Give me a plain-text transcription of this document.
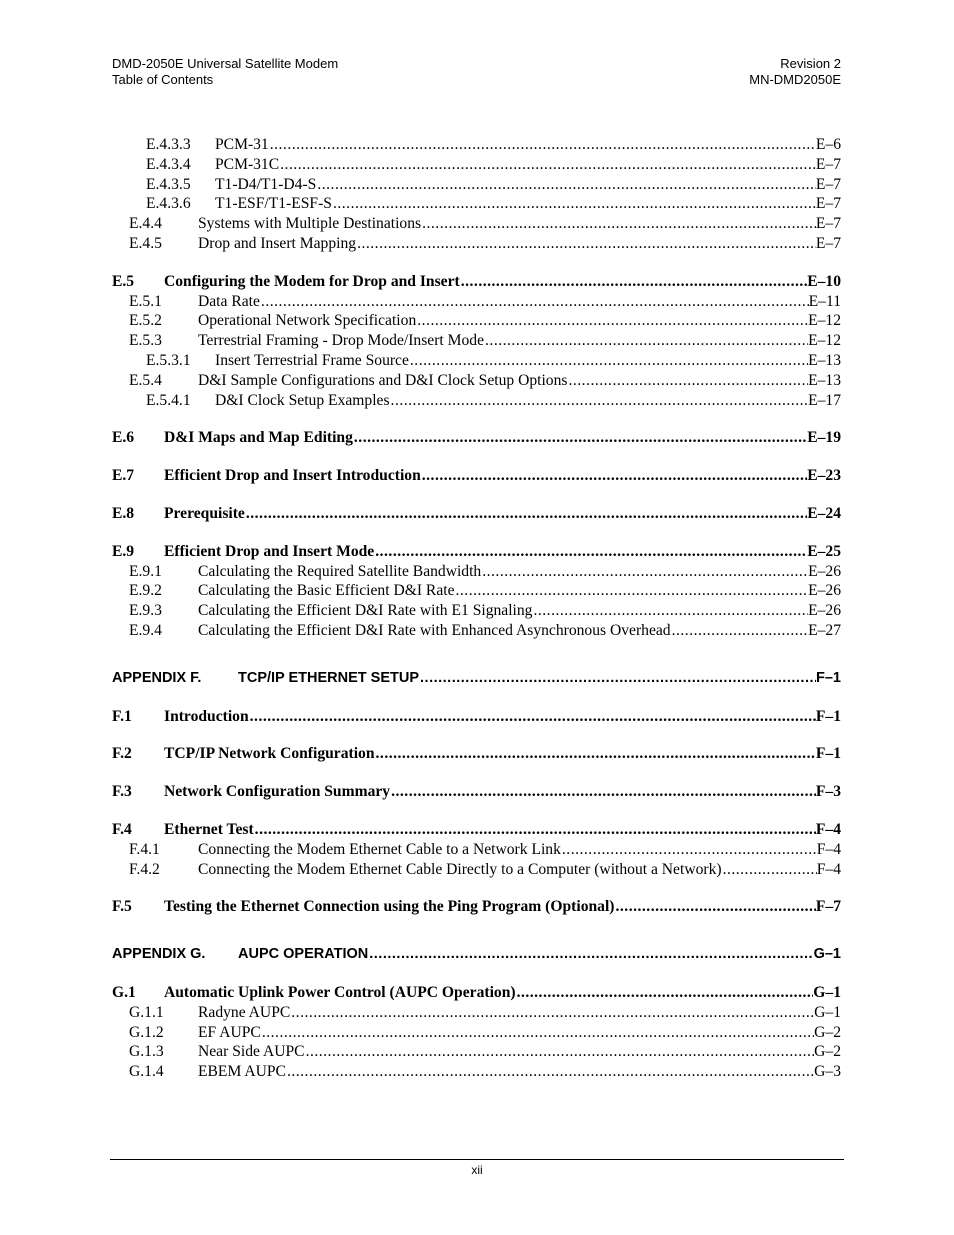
DMD-2050E Universal Satellite Modem
Table of Contents
Revision 2
MN-DMD2050E
E.4.3.3 PCM-31 .....	E–6
E.4.3.4 PCM-31C .....	E–7
E.4.3.5 T1-D4/T1-D4-S .....	E–7
E.4.3.6 T1-ESF/T1-ESF-S .....	E–7
E.4.4 Systems with Multiple Destinations .....	E–7
E.4.5 Drop and Insert Mapping .....	E–7
E.5 Configuring the Modem for Drop and Insert .....	E–10
E.5.1 Data Rate .....	E–11
E.5.2 Operational Network Specification .....	E–12
E.5.3 Terrestrial Framing - Drop Mode/Insert Mode .....	E–12
E.5.3.1 Insert Terrestrial Frame Source .....	E–13
E.5.4 D&I Sample Configurations and D&I Clock Setup Options .....	E–13
E.5.4.1 D&I Clock Setup Examples .....	E–17
E.6 D&I Maps and Map Editing .....	E–19
E.7 Efficient Drop and Insert Introduction .....	E–23
E.8 Prerequisite .....	E–24
E.9 Efficient Drop and Insert Mode .....	E–25
E.9.1 Calculating the Required Satellite Bandwidth .....	E–26
E.9.2 Calculating the Basic Efficient D&I Rate .....	E–26
E.9.3 Calculating the Efficient D&I Rate with E1 Signaling .....	E–26
E.9.4 Calculating the Efficient D&I Rate with Enhanced Asynchronous Overhead .....	E–27
APPENDIX F.	TCP/IP ETHERNET SETUP .....	F–1
F.1 Introduction .....	F–1
F.2 TCP/IP Network Configuration .....	F–1
F.3 Network Configuration Summary .....	F–3
F.4 Ethernet Test .....	F–4
F.4.1 Connecting the Modem Ethernet Cable to a Network Link .....	F–4
F.4.2 Connecting the Modem Ethernet Cable Directly to a Computer (without a Network) .....	F–4
F.5 Testing the Ethernet Connection using the Ping Program (Optional) .....	F–7
APPENDIX G. AUPC OPERATION .....	G–1
G.1 Automatic Uplink Power Control (AUPC Operation) .....	G–1
G.1.1 Radyne AUPC .....	G–1
G.1.2 EF AUPC .....	G–2
G.1.3 Near Side AUPC .....	G–2
G.1.4 EBEM AUPC .....	G–3
xii
